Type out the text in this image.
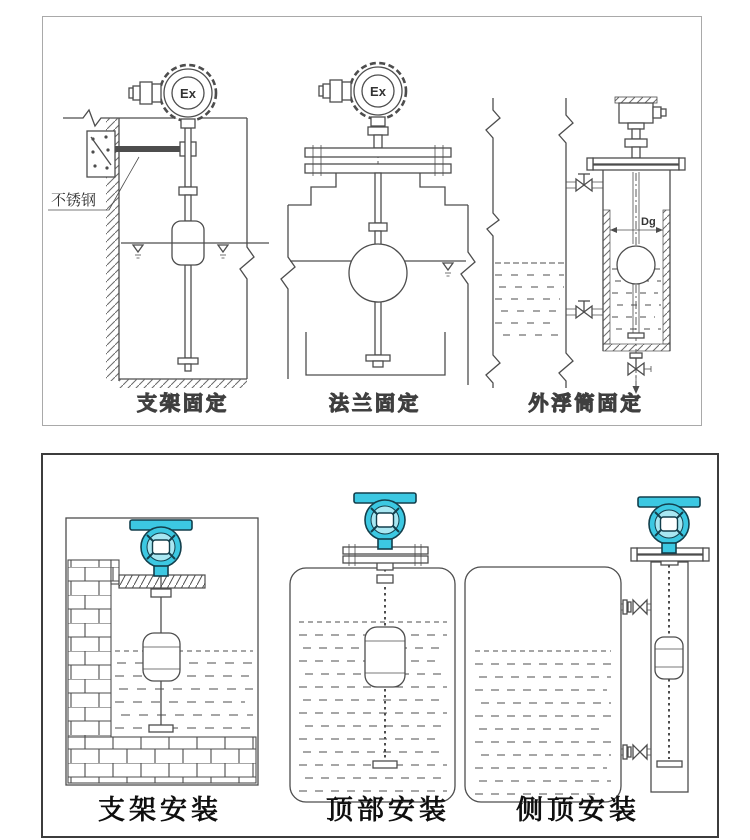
Ex
不锈钢
Ex
Dg
支架固定	法兰固定	外浮筒固定
支架安装	顶部安装 侧顶安装
